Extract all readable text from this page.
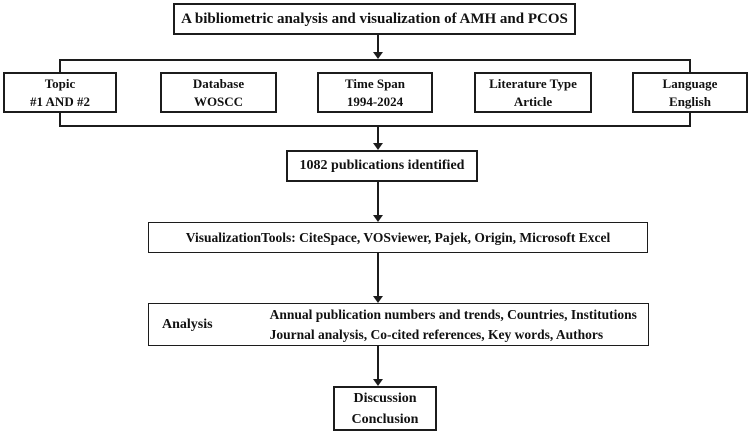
A bibliometric analysis and visualization of AMH and PCOS
Topic
#1 AND #2
Database
WOSCC
Time Span
1994-2024
Literature Type
Article
Language
English
1082 publications identified
VisualizationTools: CiteSpace, VOSviewer, Pajek, Origin, Microsoft Excel
Analysis
Annual publication numbers and trends, Countries, Institutions
Journal analysis, Co-cited references, Key words, Authors
Discussion
Conclusion
